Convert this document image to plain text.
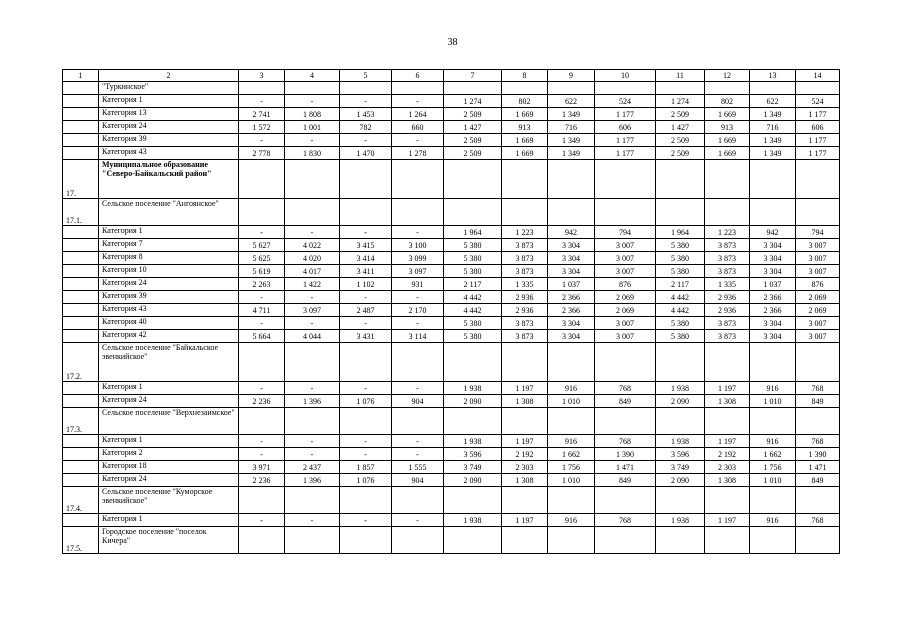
38
1	2	3	4	5	6	7	8	9	10	11	12	13	14
	"Туркинское"												
	Категория 1	-	-	-	-	1 274	802	622	524	1 274	802	622	524
	Категория 13	2 741	1 808	1 453	1 264	2 509	1 669	1 349	1 177	2 509	1 669	1 349	1 177
	Категория 24	1 572	1 001	782	660	1 427	913	716	606	1 427	913	716	606
	Категория 39	-	-	-	-	2 509	1 669	1 349	1 177	2 509	1 669	1 349	1 177
	Категория 43	2 778	1 830	1 470	1 278	2 509	1 669	1 349	1 177	2 509	1 669	1 349	1 177
17.	Муниципальное образование "Северо-Байкальский район"												
17.1.	Сельское поселение "Ангоянское"												
	Категория 1	-	-	-	-	1 964	1 223	942	794	1 964	1 223	942	794
	Категория 7	5 627	4 022	3 415	3 100	5 380	3 873	3 304	3 007	5 380	3 873	3 304	3 007
	Категория 8	5 625	4 020	3 414	3 099	5 380	3 873	3 304	3 007	5 380	3 873	3 304	3 007
	Категория 10	5 619	4 017	3 411	3 097	5 380	3 873	3 304	3 007	5 380	3 873	3 304	3 007
	Категория 24	2 263	1 422	1 102	931	2 117	1 335	1 037	876	2 117	1 335	1 037	876
	Категория 39	-	-	-	-	4 442	2 936	2 366	2 069	4 442	2 936	2 366	2 069
	Категория 43	4 711	3 097	2 487	2 170	4 442	2 936	2 366	2 069	4 442	2 936	2 366	2 069
	Категория 40	-	-	-	-	5 380	3 873	3 304	3 007	5 380	3 873	3 304	3 007
	Категория 42	5 664	4 044	3 431	3 114	5 380	3 873	3 304	3 007	5 380	3 873	3 304	3 007
17.2.	Сельское поселение "Байкальское эвенкийское"												
	Категория 1	-	-	-	-	1 938	1 197	916	768	1 938	1 197	916	768
	Категория 24	2 236	1 396	1 076	904	2 090	1 308	1 010	849	2 090	1 308	1 010	849
17.3.	Сельское поселение "Верхнезаимское"												
	Категория 1	-	-	-	-	1 938	1 197	916	768	1 938	1 197	916	768
	Категория 2	-	-	-	-	3 596	2 192	1 662	1 390	3 596	2 192	1 662	1 390
	Категория 18	3 971	2 437	1 857	1 555	3 749	2 303	1 756	1 471	3 749	2 303	1 756	1 471
	Категория 24	2 236	1 396	1 076	904	2 090	1 308	1 010	849	2 090	1 308	1 010	849
17.4.	Сельское поселение "Куморское эвенкийское"												
	Категория 1	-	-	-	-	1 938	1 197	916	768	1 938	1 197	916	768
17.5.	Городское поселение "поселок Кичера"												
